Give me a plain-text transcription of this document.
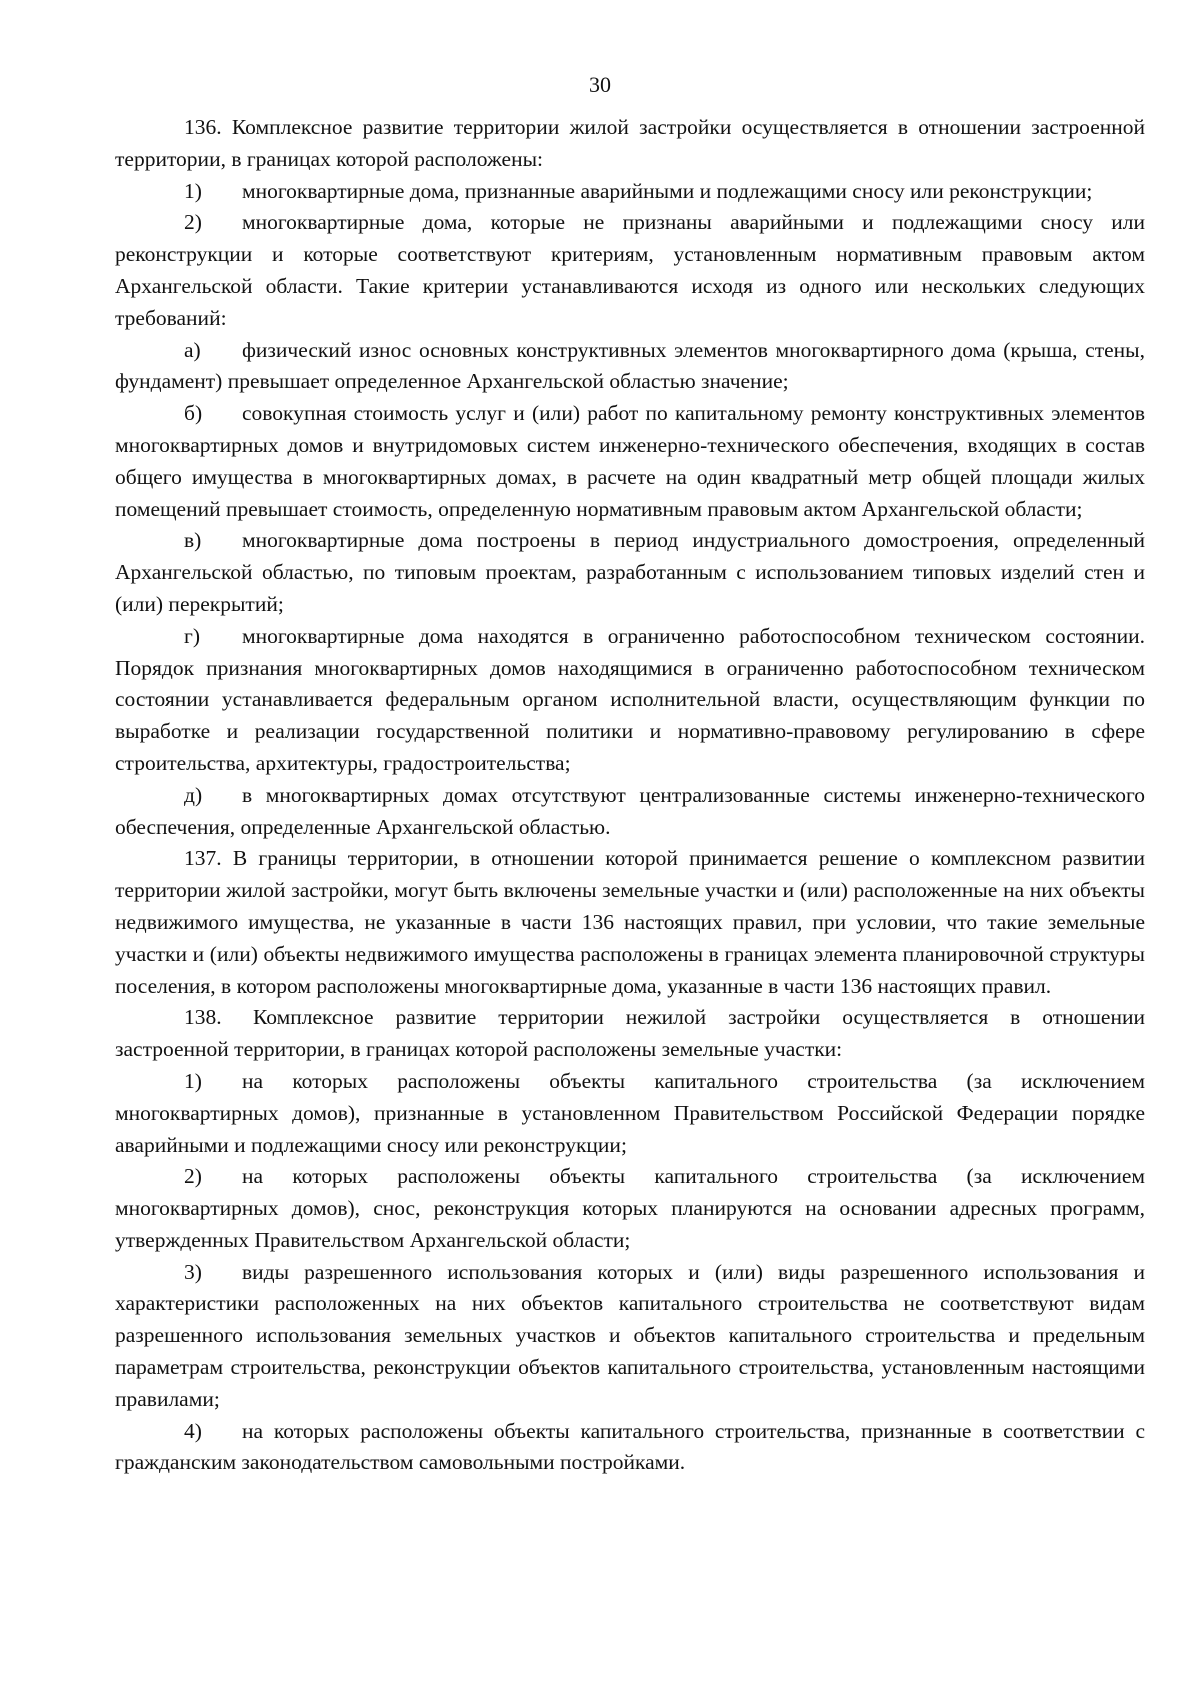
30

136. Комплексное развитие территории жилой застройки осуществляется в отношении застроенной территории, в границах которой расположены:

1) многоквартирные дома, признанные аварийными и подлежащими сносу или реконструкции;

2) многоквартирные дома, которые не признаны аварийными и подлежащими сносу или реконструкции и которые соответствуют критериям, установленным нормативным правовым актом Архангельской области. Такие критерии устанавливаются исходя из одного или нескольких следующих требований:

а) физический износ основных конструктивных элементов многоквартирного дома (крыша, стены, фундамент) превышает определенное Архангельской областью значение;

б) совокупная стоимость услуг и (или) работ по капитальному ремонту конструктивных элементов многоквартирных домов и внутридомовых систем инженерно-технического обеспечения, входящих в состав общего имущества в многоквартирных домах, в расчете на один квадратный метр общей площади жилых помещений превышает стоимость, определенную нормативным правовым актом Архангельской области;

в) многоквартирные дома построены в период индустриального домостроения, определенный Архангельской областью, по типовым проектам, разработанным с использованием типовых изделий стен и (или) перекрытий;

г) многоквартирные дома находятся в ограниченно работоспособном техническом состоянии. Порядок признания многоквартирных домов находящимися в ограниченно работоспособном техническом состоянии устанавливается федеральным органом исполнительной власти, осуществляющим функции по выработке и реализации государственной политики и нормативно-правовому регулированию в сфере строительства, архитектуры, градостроительства;

д) в многоквартирных домах отсутствуют централизованные системы инженерно-технического обеспечения, определенные Архангельской областью.

137. В границы территории, в отношении которой принимается решение о комплексном развитии территории жилой застройки, могут быть включены земельные участки и (или) расположенные на них объекты недвижимого имущества, не указанные в части 136 настоящих правил, при условии, что такие земельные участки и (или) объекты недвижимого имущества расположены в границах элемента планировочной структуры поселения, в котором расположены многоквартирные дома, указанные в части 136 настоящих правил.

138. Комплексное развитие территории нежилой застройки осуществляется в отношении застроенной территории, в границах которой расположены земельные участки:

1) на которых расположены объекты капитального строительства (за исключением многоквартирных домов), признанные в установленном Правительством Российской Федерации порядке аварийными и подлежащими сносу или реконструкции;

2) на которых расположены объекты капитального строительства (за исключением многоквартирных домов), снос, реконструкция которых планируются на основании адресных программ, утвержденных Правительством Архангельской области;

3) виды разрешенного использования которых и (или) виды разрешенного использования и характеристики расположенных на них объектов капитального строительства не соответствуют видам разрешенного использования земельных участков и объектов капитального строительства и предельным параметрам строительства, реконструкции объектов капитального строительства, установленным настоящими правилами;

4) на которых расположены объекты капитального строительства, признанные в соответствии с гражданским законодательством самовольными постройками.
